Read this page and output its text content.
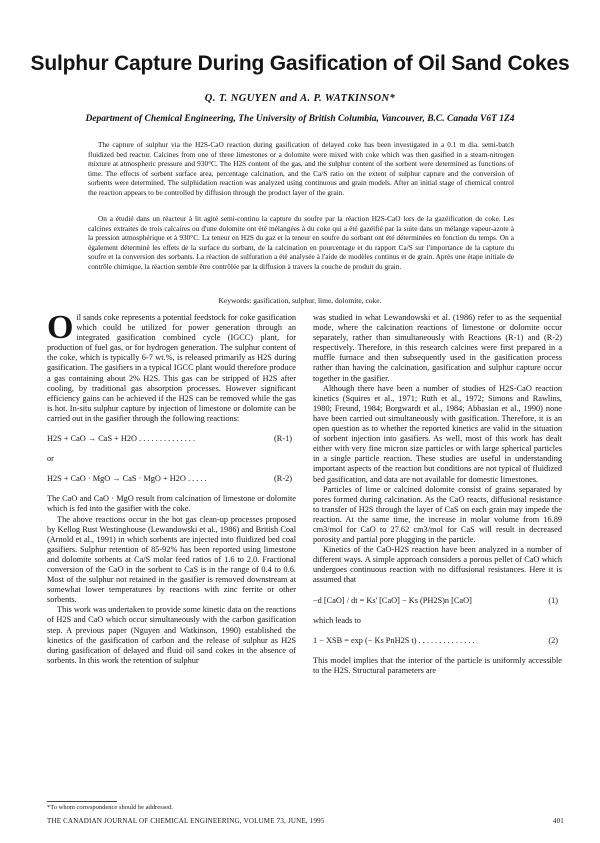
Sulphur Capture During Gasification of Oil Sand Cokes
Q. T. NGUYEN and A. P. WATKINSON*
Department of Chemical Engineering, The University of British Columbia, Vancouver, B.C. Canada V6T 1Z4

The capture of sulphur via the H2S-CaO reaction during gasification of delayed coke has been investigated in a 0.1 m dia. semi-batch fluidized bed reactor. Calcines from one of three limestones or a dolomite were mixed with coke which was then gasified in a steam-nitrogen mixture at atmospheric pressure and 930°C. The H2S content of the gas, and the sulphur content of the sorbent were determined as functions of time. The effects of sorbent surface area, percentage calcination, and the Ca/S ratio on the extent of sulphur capture and the conversion of sorbents were determined. The sulphidation reaction was analyzed using continuous and grain models. After an initial stage of chemical control the reaction appears to be controlled by diffusion through the product layer of the grain.

On a étudié dans un réacteur à lit agité semi-continu la capture du soufre par la réaction H2S-CaO lors de la gazéification de coke. Les calcines extraites de trois calcaires ou d'une dolomite ont été mélangées à du coke qui a été gazéifié par la suite dans un mélange vapeur-azote à la pression atmosphérique et à 930°C. La teneur en H2S du gaz et la teneur en soufre du sorbant ont été déterminées en fonction du temps. On a également déterminé les effets de la surface du sorbant, de la calcination en pourcentage et du rapport Ca/S sur l'importance de la capture du soufre et la conversion des sorbants. La réaction de sulfuration a été analysée à l'aide de modèles continus et de grain. Après une étape initiale de contrôle chimique, la réaction semble être contrôlée par la diffusion à travers la couche de produit du grain.

Keywords: gasification, sulphur, lime, dolomite, coke.

Oil sands coke represents a potential feedstock for coke gasification which could be utilized for power generation through an integrated gasification combined cycle (IGCC) plant, for production of fuel gas, or for hydrogen generation. The sulphur content of the coke, which is typically 6-7 wt.%, is released primarily as H2S during gasification. The gasifiers in a typical IGCC plant would therefore produce a gas containing about 2% H2S. This gas can be stripped of H2S after cooling, by traditional gas absorption processes. However significant efficiency gains can be achieved if the H2S can be removed while the gas is hot. In-situ sulphur capture by injection of limestone or dolomite can be carried out in the gasifier through the following reactions:

H2S + CaO → CaS + H2O . . . . . . . . . . . . . .	(R-1)

or

H2S + CaO · MgO → CaS · MgO + H2O . . . . .	(R-2)

The CaO and CaO · MgO result from calcination of limestone or dolomite which is fed into the gasifier with the coke.

The above reactions occur in the hot gas clean-up processes proposed by Kellog Rust Westinghouse (Lewandowski et al., 1986) and British Coal (Arnold et al., 1991) in which sorbents are injected into fluidized bed coal gasifiers. Sulphur retention of 85-92% has been reported using limestone and dolomite sorbents at Ca/S molar feed ratios of 1.6 to 2.0. Fractional conversion of the CaO in the sorbent to CaS is in the range of 0.4 to 0.6. Most of the sulphur not retained in the gasifier is removed downstream at somewhat lower temperatures by reactions with zinc ferrite or other sorbents.

This work was undertaken to provide some kinetic data on the reactions of H2S and CaO which occur simultaneously with the carbon gasification step. A previous paper (Nguyen and Watkinson, 1990) established the kinetics of the gasification of carbon and the release of sulphur as H2S during gasification of delayed and fluid oil sand cokes in the absence of sorbents. In this work the retention of sulphur

was studied in what Lewandowski et al. (1986) refer to as the sequential mode, where the calcination reactions of limestone or dolomite occur separately, rather than simultaneously with Reactions (R-1) and (R-2) respectively. Therefore, in this research calcines were first prepared in a muffle furnace and then subsequently used in the gasification process rather than having the calcination, gasification and sulphur capture occur together in the gasifier.

Although there have been a number of studies of H2S-CaO reaction kinetics (Squires et al., 1971; Ruth et al., 1972; Simons and Rawlins, 1980; Freund, 1984; Borgwardt et al., 1984; Abbasian et al., 1990) none have been carried out simultaneously with gasification. Therefore, it is an open question as to whether the reported kinetics are valid in the situation of sorbent injection into gasifiers. As well, most of this work has dealt either with very fine micron size particles or with large spherical particles in a single particle reaction. These studies are useful in understanding important aspects of the reaction but conditions are not typical of fluidized bed gasification, and data are not available for domestic limestones.

Particles of lime or calcined dolomite consist of grains separated by pores formed during calcination. As the CaO reacts, diffusional resistance to transfer of H2S through the layer of CaS on each grain may impede the reaction. At the same time, the increase in molar volume from 16.89 cm3/mol for CaO to 27.62 cm3/mol for CaS will result in decreased porosity and partial pore plugging in the particle.

Kinetics of the CaO-H2S reaction have been analyzed in a number of different ways. A simple approach considers a porous pellet of CaO which undergoes continuous reaction with no diffusional resistances. Here it is assumed that

−d [CaO] / dt = Ks' [CaO] − Ks (PH2S)n [CaO]	(1)

which leads to

1 − XSB = exp (− Ks PnH2S t) . . . . . . . . . . . . . .	(2)

This model implies that the interior of the particle is uniformly accessible to the H2S. Structural parameters are

*To whom correspondence should be addressed.
THE CANADIAN JOURNAL OF CHEMICAL ENGINEERING, VOLUME 73, JUNE, 1995	401
